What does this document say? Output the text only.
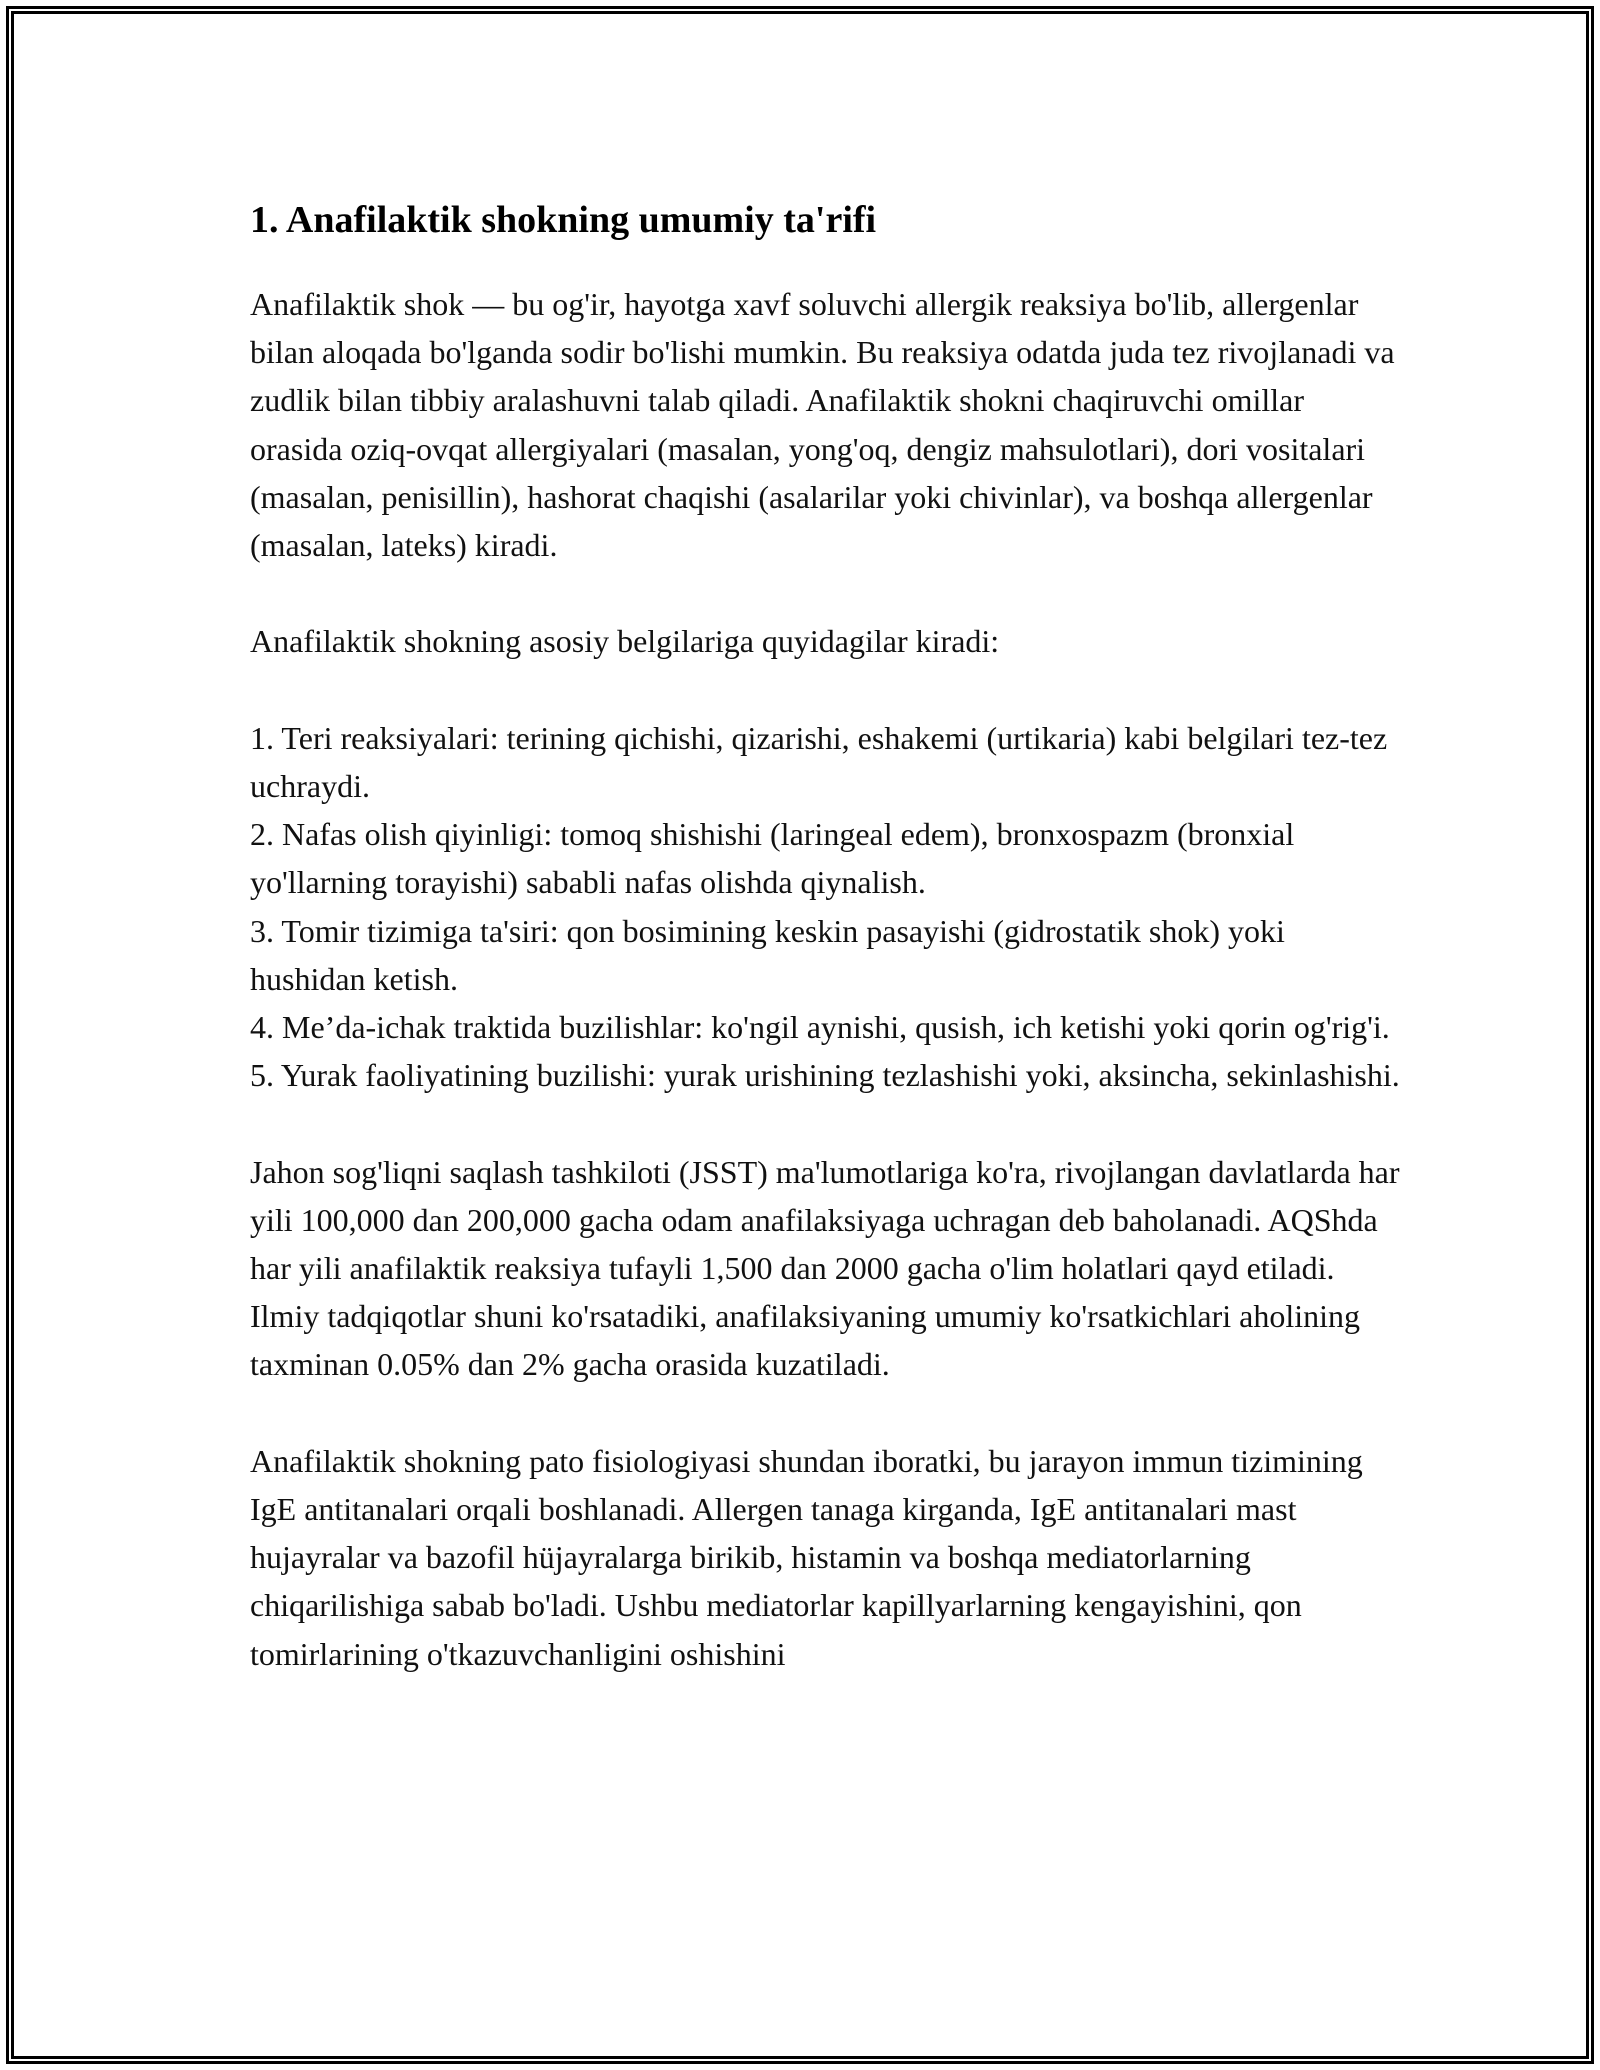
1. Anafilaktik shokning umumiy ta'rifi

Anafilaktik shok — bu og'ir, hayotga xavf soluvchi allergik reaksiya bo'lib, allergenlar bilan aloqada bo'lganda sodir bo'lishi mumkin. Bu reaksiya odatda juda tez rivojlanadi va zudlik bilan tibbiy aralashuvni talab qiladi. Anafilaktik shokni chaqiruvchi omillar orasida oziq-ovqat allergiyalari (masalan, yong'oq, dengiz mahsulotlari), dori vositalari (masalan, penisillin), hashorat chaqishi (asalarilar yoki chivinlar), va boshqa allergenlar (masalan, lateks) kiradi.

Anafilaktik shokning asosiy belgilariga quyidagilar kiradi:

1. Teri reaksiyalari: terining qichishi, qizarishi, eshakemi (urtikaria) kabi belgilari tez-tez uchraydi.

2. Nafas olish qiyinligi: tomoq shishishi (laringeal edem), bronxospazm (bronxial yo'llarning torayishi) sababli nafas olishda qiynalish.

3. Tomir tizimiga ta'siri: qon bosimining keskin pasayishi (gidrostatik shok) yoki hushidan ketish.

4. Me’da-ichak traktida buzilishlar: ko'ngil aynishi, qusish, ich ketishi yoki qorin og'rig'i.

5. Yurak faoliyatining buzilishi: yurak urishining tezlashishi yoki, aksincha, sekinlashishi.

Jahon sog'liqni saqlash tashkiloti (JSST) ma'lumotlariga ko'ra, rivojlangan davlatlarda har yili 100,000 dan 200,000 gacha odam anafilaksiyaga uchragan deb baholanadi. AQShda har yili anafilaktik reaksiya tufayli 1,500 dan 2000 gacha o'lim holatlari qayd etiladi. Ilmiy tadqiqotlar shuni ko'rsatadiki, anafilaksiyaning umumiy ko'rsatkichlari aholining taxminan 0.05% dan 2% gacha orasida kuzatiladi.

Anafilaktik shokning pato fisiologiyasi shundan iboratki, bu jarayon immun tizimining IgE antitanalari orqali boshlanadi. Allergen tanaga kirganda, IgE antitanalari mast hujayralar va bazofil hüjayralarga birikib, histamin va boshqa mediatorlarning chiqarilishiga sabab bo'ladi. Ushbu mediatorlar kapillyarlarning kengayishini, qon tomirlarining o'tkazuvchanligini oshishini
